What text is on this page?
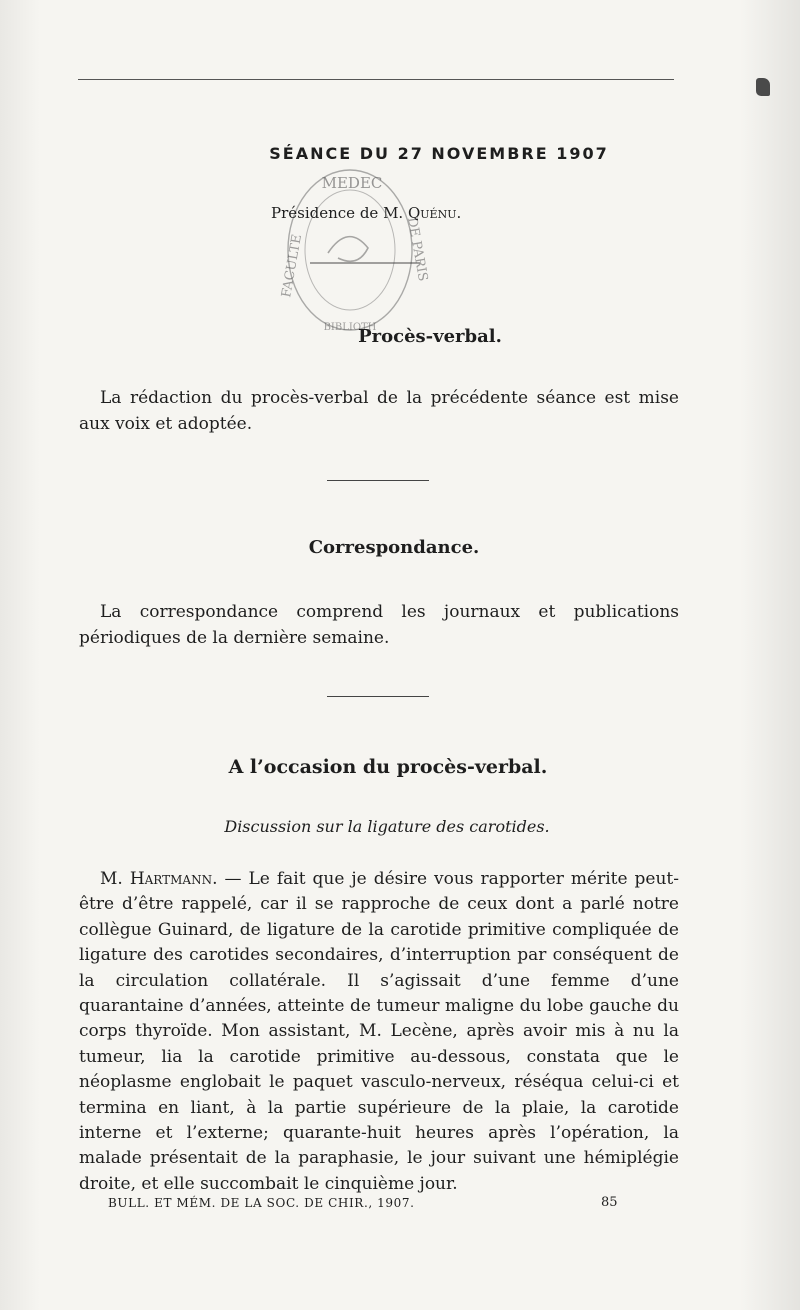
SÉANCE DU 27 NOVEMBRE 1907
MEDEC
FACULTE	DE PARIS
BIBLIOTH
Présidence de M. Quénu.
Procès-verbal.

La rédaction du procès-verbal de la précédente séance est mise aux voix et adoptée.

Correspondance.

La correspondance comprend les journaux et publications périodiques de la dernière semaine.

A l’occasion du procès-verbal.
Discussion sur la ligature des carotides.

M. Hartmann. — Le fait que je désire vous rapporter mérite peut-être d’être rappelé, car il se rapproche de ceux dont a parlé notre collègue Guinard, de ligature de la carotide primitive compliquée de ligature des carotides secondaires, d’interruption par conséquent de la circulation collatérale. Il s’agissait d’une femme d’une quarantaine d’années, atteinte de tumeur maligne du lobe gauche du corps thyroïde. Mon assistant, M. Lecène, après avoir mis à nu la tumeur, lia la carotide primitive au-dessous, constata que le néoplasme englobait le paquet vasculo-nerveux, réséqua celui-ci et termina en liant, à la partie supérieure de la plaie, la carotide interne et l’externe; quarante-huit heures après l’opération, la malade présentait de la paraphasie, le jour suivant une hémiplégie droite, et elle succombait le cinquième jour.

BULL. ET MÉM. DE LA SOC. DE CHIR., 1907.	85
